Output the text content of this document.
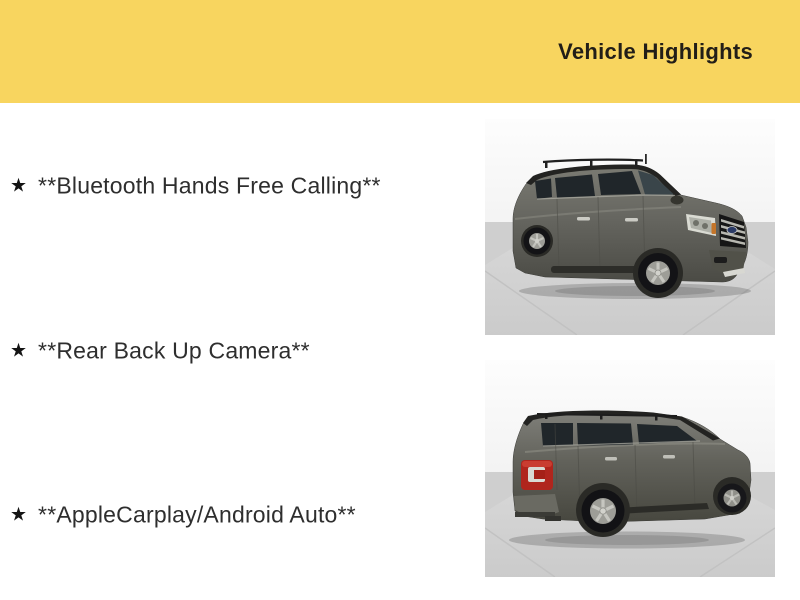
Vehicle Highlights
★ **Bluetooth Hands Free Calling**
★ **Rear Back Up Camera**
★ **AppleCarplay/Android Auto**
